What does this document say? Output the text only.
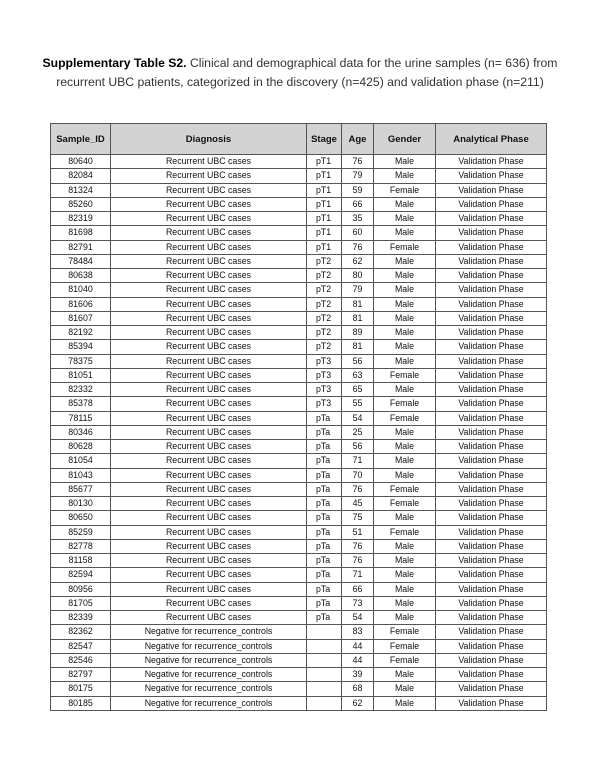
Supplementary Table S2. Clinical and demographical data for the urine samples (n= 636) from recurrent UBC patients, categorized in the discovery (n=425) and validation phase (n=211)
Sample_ID	Diagnosis	Stage	Age	Gender	Analytical Phase
80640	Recurrent UBC cases	pT1	76	Male	Validation Phase
82084	Recurrent UBC cases	pT1	79	Male	Validation Phase
81324	Recurrent UBC cases	pT1	59	Female	Validation Phase
85260	Recurrent UBC cases	pT1	66	Male	Validation Phase
82319	Recurrent UBC cases	pT1	35	Male	Validation Phase
81698	Recurrent UBC cases	pT1	60	Male	Validation Phase
82791	Recurrent UBC cases	pT1	76	Female	Validation Phase
78484	Recurrent UBC cases	pT2	62	Male	Validation Phase
80638	Recurrent UBC cases	pT2	80	Male	Validation Phase
81040	Recurrent UBC cases	pT2	79	Male	Validation Phase
81606	Recurrent UBC cases	pT2	81	Male	Validation Phase
81607	Recurrent UBC cases	pT2	81	Male	Validation Phase
82192	Recurrent UBC cases	pT2	89	Male	Validation Phase
85394	Recurrent UBC cases	pT2	81	Male	Validation Phase
78375	Recurrent UBC cases	pT3	56	Male	Validation Phase
81051	Recurrent UBC cases	pT3	63	Female	Validation Phase
82332	Recurrent UBC cases	pT3	65	Male	Validation Phase
85378	Recurrent UBC cases	pT3	55	Female	Validation Phase
78115	Recurrent UBC cases	pTa	54	Female	Validation Phase
80346	Recurrent UBC cases	pTa	25	Male	Validation Phase
80628	Recurrent UBC cases	pTa	56	Male	Validation Phase
81054	Recurrent UBC cases	pTa	71	Male	Validation Phase
81043	Recurrent UBC cases	pTa	70	Male	Validation Phase
85677	Recurrent UBC cases	pTa	76	Female	Validation Phase
80130	Recurrent UBC cases	pTa	45	Female	Validation Phase
80650	Recurrent UBC cases	pTa	75	Male	Validation Phase
85259	Recurrent UBC cases	pTa	51	Female	Validation Phase
82778	Recurrent UBC cases	pTa	76	Male	Validation Phase
81158	Recurrent UBC cases	pTa	76	Male	Validation Phase
82594	Recurrent UBC cases	pTa	71	Male	Validation Phase
80956	Recurrent UBC cases	pTa	66	Male	Validation Phase
81705	Recurrent UBC cases	pTa	73	Male	Validation Phase
82339	Recurrent UBC cases	pTa	54	Male	Validation Phase
82362	Negative for recurrence_controls		83	Female	Validation Phase
82547	Negative for recurrence_controls		44	Female	Validation Phase
82546	Negative for recurrence_controls		44	Female	Validation Phase
82797	Negative for recurrence_controls		39	Male	Validation Phase
80175	Negative for recurrence_controls		68	Male	Validation Phase
80185	Negative for recurrence_controls		62	Male	Validation Phase
